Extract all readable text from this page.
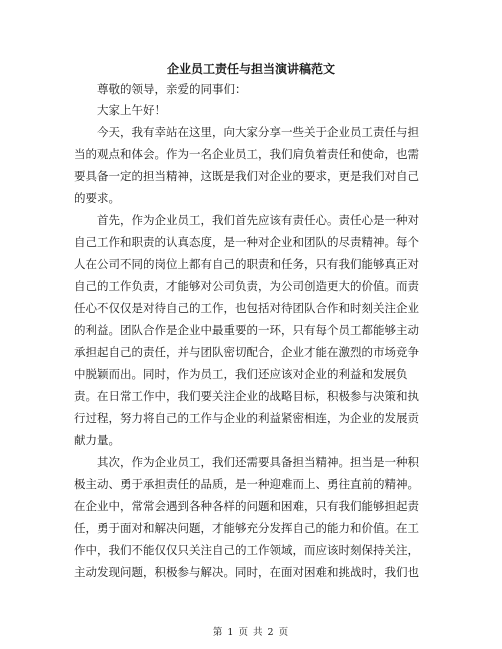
企业员工责任与担当演讲稿范文
尊敬的领导，亲爱的同事们：
大家上午好！
今天，我有幸站在这里，向大家分享一些关于企业员工责任与担
当的观点和体会。作为一名企业员工，我们肩负着责任和使命，也需
要具备一定的担当精神，这既是我们对企业的要求，更是我们对自己
的要求。
首先，作为企业员工，我们首先应该有责任心。责任心是一种对
自己工作和职责的认真态度，是一种对企业和团队的尽责精神。每个
人在公司不同的岗位上都有自己的职责和任务，只有我们能够真正对
自己的工作负责，才能够对公司负责，为公司创造更大的价值。而责
任心不仅仅是对待自己的工作，也包括对待团队合作和时刻关注企业
的利益。团队合作是企业中最重要的一环，只有每个员工都能够主动
承担起自己的责任，并与团队密切配合，企业才能在激烈的市场竞争
中脱颖而出。同时，作为员工，我们还应该对企业的利益和发展负
责。在日常工作中，我们要关注企业的战略目标，积极参与决策和执
行过程，努力将自己的工作与企业的利益紧密相连，为企业的发展贡
献力量。
其次，作为企业员工，我们还需要具备担当精神。担当是一种积
极主动、勇于承担责任的品质，是一种迎难而上、勇往直前的精神。
在企业中，常常会遇到各种各样的问题和困难，只有我们能够担起责
任，勇于面对和解决问题，才能够充分发挥自己的能力和价值。在工
作中，我们不能仅仅只关注自己的工作领域，而应该时刻保持关注，
主动发现问题，积极参与解决。同时，在面对困难和挑战时，我们也
第 1 页 共 2 页
